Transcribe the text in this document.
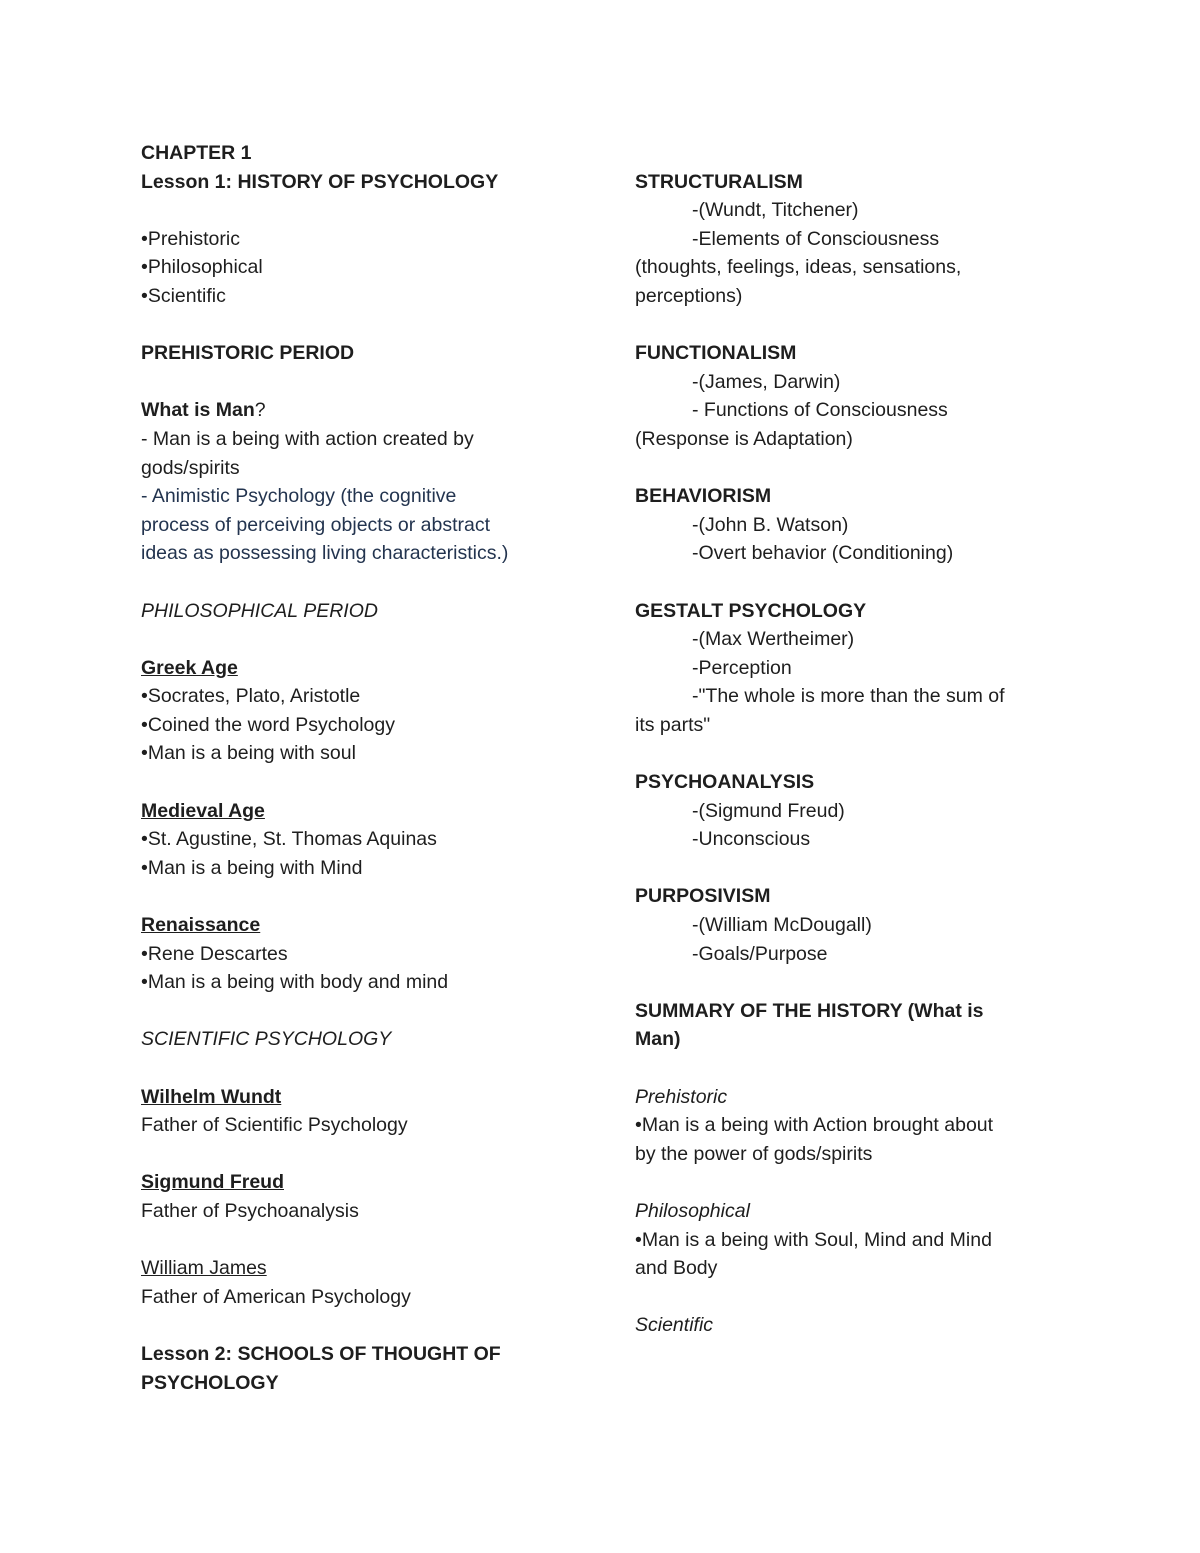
CHAPTER 1
Lesson 1: HISTORY OF PSYCHOLOGY
•Prehistoric
•Philosophical
•Scientific
PREHISTORIC PERIOD
What is Man?
- Man is a being with action created by
gods/spirits
- Animistic Psychology (the cognitive
process of perceiving objects or abstract
ideas as possessing living characteristics.)
PHILOSOPHICAL PERIOD
Greek Age
•Socrates, Plato, Aristotle
•Coined the word Psychology
•Man is a being with soul
Medieval Age
•St. Agustine, St. Thomas Aquinas
•Man is a being with Mind
Renaissance
•Rene Descartes
•Man is a being with body and mind
SCIENTIFIC PSYCHOLOGY
Wilhelm Wundt
Father of Scientific Psychology
Sigmund Freud
Father of Psychoanalysis
William James
Father of American Psychology
Lesson 2: SCHOOLS OF THOUGHT OF
PSYCHOLOGY
STRUCTURALISM
-(Wundt, Titchener)
-Elements of Consciousness
(thoughts, feelings, ideas, sensations,
perceptions)
FUNCTIONALISM
-(James, Darwin)
- Functions of Consciousness
(Response is Adaptation)
BEHAVIORISM
-(John B. Watson)
-Overt behavior (Conditioning)
GESTALT PSYCHOLOGY
-(Max Wertheimer)
-Perception
-"The whole is more than the sum of
its parts"
PSYCHOANALYSIS
-(Sigmund Freud)
-Unconscious
PURPOSIVISM
-(William McDougall)
-Goals/Purpose
SUMMARY OF THE HISTORY (What is
Man)
Prehistoric
•Man is a being with Action brought about
by the power of gods/spirits
Philosophical
•Man is a being with Soul, Mind and Mind
and Body
Scientific
